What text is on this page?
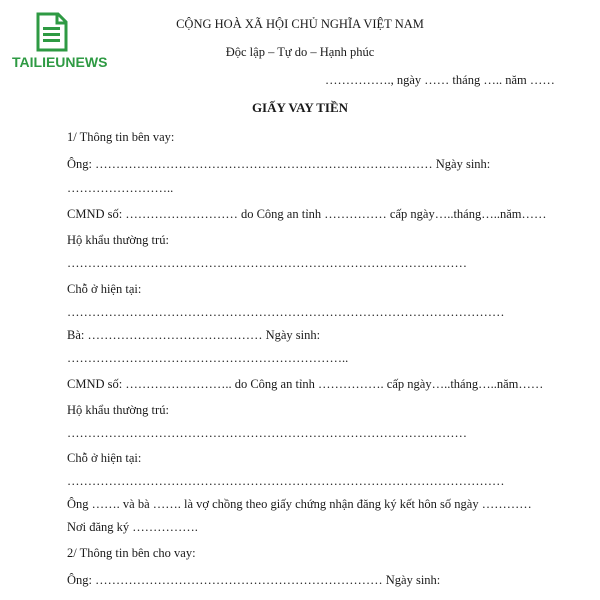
TAILIEUNEWS
CỘNG HOÀ XÃ HỘI CHỦ NGHĨA VIỆT NAM
Độc lập – Tự do – Hạnh phúc
……………., ngày …… tháng ….. năm ……
GIẤY VAY TIỀN
1/ Thông tin bên vay:
Ông: ……………………………………………………………………… Ngày sinh:
……………………..
CMND số: ……………………… do Công an tỉnh …………… cấp ngày…..tháng…..năm……
Hộ khẩu thường trú:
……………………………………………………………………………………
Chỗ ở hiện tại:
……………………………………………………………………………………………
Bà: …………………………………… Ngày sinh:
…………………………………………………………..
CMND số: …………………….. do Công an tỉnh ……………. cấp ngày…..tháng…..năm……
Hộ khẩu thường trú:
……………………………………………………………………………………
Chỗ ở hiện tại:
……………………………………………………………………………………………
Ông ……. và bà ……. là vợ chồng theo giấy chứng nhận đăng ký kết hôn số ngày …………
Nơi đăng ký …………….
2/ Thông tin bên cho vay:
Ông: …………………………………………………………… Ngày sinh:
